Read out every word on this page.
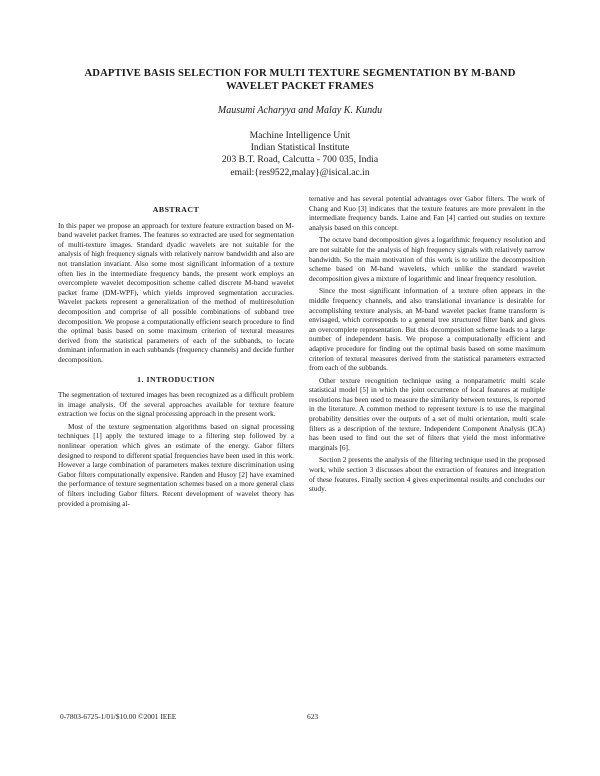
ADAPTIVE BASIS SELECTION FOR MULTI TEXTURE SEGMENTATION BY M-BAND
WAVELET PACKET FRAMES
Mausumi Acharyya and Malay K. Kundu
Machine Intelligence Unit
Indian Statistical Institute
203 B.T. Road, Calcutta - 700 035, India
email:{res9522,malay}@isical.ac.in
ABSTRACT

In this paper we propose an approach for texture feature extraction based on M-band wavelet packet frames. The features so extracted are used for segmentation of multi-texture images. Standard dyadic wavelets are not suitable for the analysis of high frequency signals with relatively narrow bandwidth and also are not translation invariant. Also some most significant information of a texture often lies in the intermediate frequency bands, the present work employs an overcomplete wavelet decomposition scheme called discrete M-band wavelet packet frame (DM-WPF), which yields improved segmentation accuracies. Wavelet packets represent a generalization of the method of multiresolution decomposition and comprise of all possible combinations of subband tree decomposition. We propose a computationally efficient search procedure to find the optimal basis based on some maximum criterion of textural measures derived from the statistical parameters of each of the subbands, to locate dominant information in each subbands (frequency channels) and decide further decomposition.

1. INTRODUCTION

The segmentation of textured images has been recognized as a difficult problem in image analysis. Of the several approaches available for texture feature extraction we focus on the signal processing approach in the present work.

Most of the texture segmentation algorithms based on signal processing techniques [1] apply the textured image to a filtering step followed by a nonlinear operation which gives an estimate of the energy. Gabor filters designed to respond to different spatial frequencies have been used in this work. However a large combination of parameters makes texture discrimination using Gabor filters computationally expensive. Randen and Husoy [2] have examined the performance of texture segmentation schemes based on a more general class of filters including Gabor filters. Recent development of wavelet theory has provided a promising al-

ternative and has several potential advantages over Gabor filters. The work of Chang and Kuo [3] indicates that the texture features are more prevalent in the intermediate frequency bands. Laine and Fan [4] carried out studies on texture analysis based on this concept.

The octave band decomposition gives a logarithmic frequency resolution and are not suitable for the analysis of high frequency signals with relatively narrow bandwidth. So the main motivation of this work is to utilize the decomposition scheme based on M-band wavelets, which unlike the standard wavelet decomposition gives a mixture of logarithmic and linear frequency resolution.

Since the most significant information of a texture often appears in the middle frequency channels, and also translational invariance is desirable for accomplishing texture analysis, an M-band wavelet packet frame transform is envisaged, which corresponds to a general tree structured filter bank and gives an overcomplete representation. But this decomposition scheme leads to a large number of independent basis. We propose a computationally efficient and adaptive procedure for finding out the optimal basis based on some maximum criterion of textural measures derived from the statistical parameters extracted from each of the subbands.

Other texture recognition technique using a nonparametric multi scale statistical model [5] in which the joint occurrence of local features at multiple resolutions has been used to measure the similarity between textures, is reported in the literature. A common method to represent texture is to use the marginal probability densities over the outputs of a set of multi orientation, multi scale filters as a description of the texture. Independent Component Analysis (ICA) has been used to find out the set of filters that yield the most informative marginals [6].

Section 2 presents the analysis of the filtering technique used in the proposed work, while section 3 discusses about the extraction of features and integration of these features. Finally section 4 gives experimental results and concludes our study.

0-7803-6725-1/01/$10.00 ©2001 IEEE	623
